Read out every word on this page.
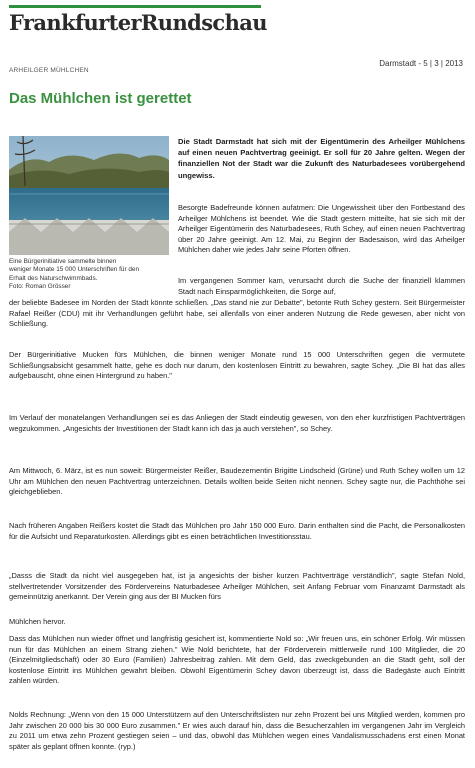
FrankfurterRundschau
Darmstadt - 5 | 3 | 2013
ARHEILGER MÜHLCHEN
Das Mühlchen ist gerettet

Eine Bürgerinitiative sammelte binnen
weniger Monate 15 000 Unterschriften für den
Erhalt des Naturschwimmbads.
Foto: Roman Grösser

Die Stadt Darmstadt hat sich mit der Eigentümerin des Arheilger Mühlchens auf einen neuen Pachtvertrag geeinigt. Er soll für 20 Jahre gelten. Wegen der finanziellen Not der Stadt war die Zukunft des Naturbadesees vorübergehend ungewiss.

Besorgte Badefreunde können aufatmen: Die Ungewissheit über den Fortbestand des Arheilger Mühlchens ist beendet. Wie die Stadt gestern mitteilte, hat sie sich mit der Arheilger Eigentümerin des Naturbadesees, Ruth Schey, auf einen neuen Pachtvertrag über 20 Jahre geeinigt. Am 12. Mai, zu Beginn der Badesaison, wird das Arheilger Mühlchen daher wie jedes Jahr seine Pforten öffnen.

Im vergangenen Sommer kam, verursacht durch die Suche der finanziell klammen Stadt nach Einsparmöglichkeiten, die Sorge auf,

der beliebte Badesee im Norden der Stadt könnte schließen. „Das stand nie zur Debatte", betonte Ruth Schey gestern. Seit Bürgermeister Rafael Reißer (CDU) mit ihr Verhandlungen geführt habe, sei allenfalls von einer anderen Nutzung die Rede gewesen, aber nicht von Schließung.

Der Bürgerinitiative Mucken fürs Mühlchen, die binnen weniger Monate rund 15 000 Unterschriften gegen die vermutete Schließungsabsicht gesammelt hatte, gehe es doch nur darum, den kostenlosen Eintritt zu bewahren, sagte Schey. „Die BI hat das alles aufgebauscht, ohne einen Hintergrund zu haben."

Im Verlauf der monatelangen Verhandlungen sei es das Anliegen der Stadt eindeutig gewesen, von den eher kurzfristigen Pachtverträgen wegzukommen. „Angesichts der Investitionen der Stadt kann ich das ja auch verstehen", so Schey.

Am Mittwoch, 6. März, ist es nun soweit: Bürgermeister Reißer, Baudezernentin Brigitte Lindscheid (Grüne) und Ruth Schey wollen um 12 Uhr am Mühlchen den neuen Pachtvertrag unterzeichnen. Details wollten beide Seiten nicht nennen. Schey sagte nur, die Pachthöhe sei gleichgeblieben.

Nach früheren Angaben Reißers kostet die Stadt das Mühlchen pro Jahr 150 000 Euro. Darin enthalten sind die Pacht, die Personalkosten für die Aufsicht und Reparaturkosten. Allerdings gibt es einen beträchtlichen Investitionsstau.

„Dasss die Stadt da nicht viel ausgegeben hat, ist ja angesichts der bisher kurzen Pachtverträge verständlich", sagte Stefan Nold, stellvertretender Vorsitzender des Fördervereins Naturbadesee Arheilger Mühlchen, seit Anfang Februar vom Finanzamt Darmstadt als gemeinnützig anerkannt. Der Verein ging aus der BI Mucken fürs

Mühlchen hervor.

Dass das Mühlchen nun wieder öffnet und langfristig gesichert ist, kommentierte Nold so: „Wir freuen uns, ein schöner Erfolg. Wir müssen nun für das Mühlchen an einem Strang ziehen." Wie Nold berichtete, hat der Förderverein mittlerweile rund 100 Mitglieder, die 20 (Einzelmitgliedschaft) oder 30 Euro (Familien) Jahresbeitrag zahlen. Mit dem Geld, das zweckgebunden an die Stadt geht, soll der kostenlose Eintritt ins Mühlchen gewahrt bleiben. Obwohl Eigentümerin Schey davon überzeugt ist, dass die Badegäste auch Eintritt zahlen würden.

Nolds Rechnung: „Wenn von den 15 000 Unterstützern auf den Unterschriftslisten nur zehn Prozent bei uns Mitglied werden, kommen pro Jahr zwischen 20 000 bis 30 000 Euro zusammen." Er wies auch darauf hin, dass die Besucherzahlen im vergangenen Jahr im Vergleich zu 2011 um etwa zehn Prozent gestiegen seien – und das, obwohl das Mühlchen wegen eines Vandalismusschadens erst einen Monat später als geplant öffnen konnte. (ryp.)
